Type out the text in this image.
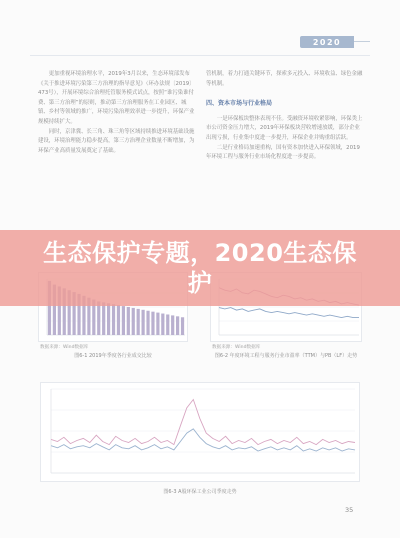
2020

更加重视环境治理水平，2019年3月以来，生态环境部发布《关于推进环境污染第三方治理的指导意见》（环办法规〔2019〕473号），开展环境综合治理托管服务模式试点，按照“谁污染谁付费、第三方治理”的原则，推动第三方治理服务在工业园区、城镇、乡村等领域的推广，环境污染治理效率进一步提升，环保产业规模持续扩大。

同时，京津冀、长三角、珠三角等区域持续推进环境基础设施建设，环境治理能力稳步提高，第三方治理企业数量不断增加，为环保产业高质量发展奠定了基础。

管机制，着力打通关键环节，探索多元投入、环境收益、绿色金融等机制。

四、资本市场与行业格局

一是环保板块整体表现不佳。受融资环境收紧影响，环保类上市公司资金压力增大，2019年环保板块营收增速放缓，部分企业出现亏损，行业集中度进一步提升，环保企业并购重组活跃。

二是行业格局加速重构，国有资本加快进入环保领域，2019年环境工程与服务行业市场化程度进一步提高。

数据来源：Wind数据库
图6-1 2019年季度各行业成交比较
数据来源：Wind数据库
图6-2 年度环境工程与服务行业市盈率（TTM）与PB（LF）走势
图6-3 A股环保工业公司季度走势
35
生态保护专题，2020生态保护
